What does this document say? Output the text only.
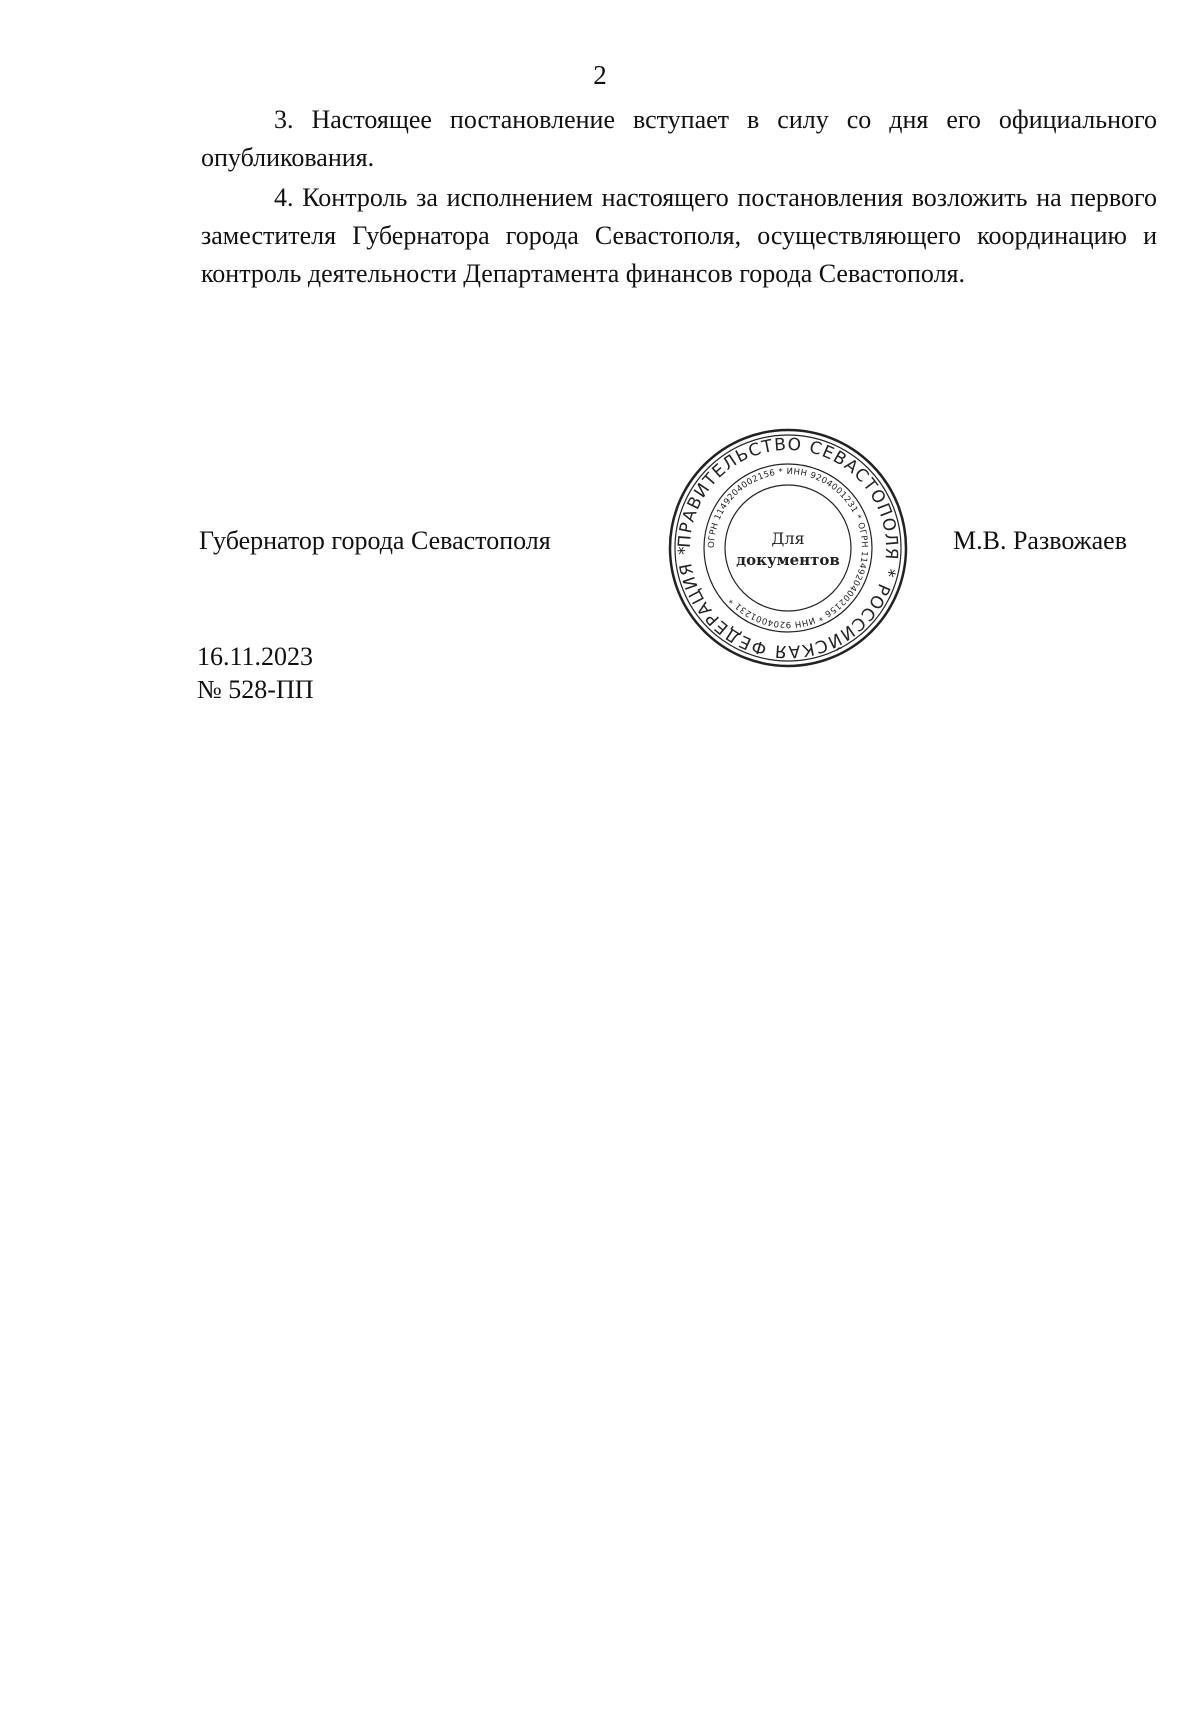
2

3. Настоящее постановление вступает в силу со дня его официального опубликования.

4. Контроль за исполнением настоящего постановления возложить на первого заместителя Губернатора города Севастополя, осуществляющего координацию и контроль деятельности Департамента финансов города Севастополя.

Губернатор города Севастополя	ПРАВИТЕЛЬСТВО СЕВАСТОПОЛЯ * РОССИЙСКАЯ ФЕДЕРАЦИЯ *
ОГРН 1149204002156 * ИНН 9204001231 * ОГРН 1149204002156 * ИНН 9204001231 *
Для
документов
М.В. Развожаев
16.11.2023
№ 528-ПП
